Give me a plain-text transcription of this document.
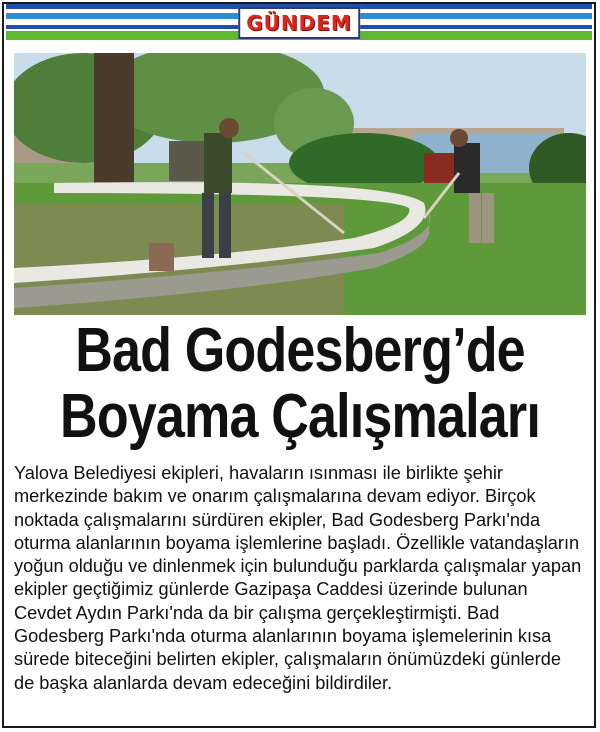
GÜNDEM
Bad Godesberg’de
Boyama Çalışmaları
Yalova Belediyesi ekipleri, havaların ısınması ile birlikte şehir merkezinde bakım ve onarım çalışmalarına devam ediyor. Birçok noktada çalışmalarını sürdüren ekipler, Bad Godesberg Parkı'nda oturma alanlarının boyama işlemlerine başladı. Özellikle vatandaşların yoğun olduğu ve dinlenmek için bulunduğu parklarda çalışmalar yapan ekipler geçtiğimiz günlerde Gazipaşa Caddesi üzerinde bulunan Cevdet Aydın Parkı'nda da bir çalışma gerçekleştirmişti. Bad Godesberg Parkı'nda oturma alanlarının boyama işlemelerinin kısa sürede biteceğini belirten ekipler, çalışmaların önümüzdeki günlerde de başka alanlarda devam edeceğini bildirdiler.
